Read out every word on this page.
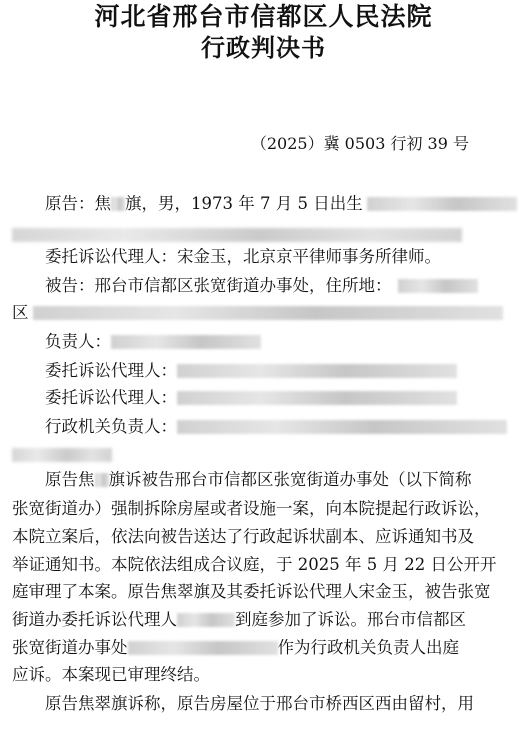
河北省邢台市信都区人民法院
行政判决书
（2025）冀 0503 行初 39 号
原告：焦 旗，男，1973 年 7 月 5 日出生
委托诉讼代理人：宋金玉，北京京平律师事务所律师。
被告：邢台市信都区张宽街道办事处，住所地：
区
负责人：
委托诉讼代理人：
委托诉讼代理人：
行政机关负责人：
原告焦 旗诉被告邢台市信都区张宽街道办事处（以下简称
张宽街道办）强制拆除房屋或者设施一案，向本院提起行政诉讼，
本院立案后，依法向被告送达了行政起诉状副本、应诉通知书及
举证通知书。本院依法组成合议庭，于 2025 年 5 月 22 日公开开
庭审理了本案。原告焦翠旗及其委托诉讼代理人宋金玉，被告张宽
街道办委托诉讼代理人	到庭参加了诉讼。邢台市信都区
张宽街道办事处	作为行政机关负责人出庭
应诉。本案现已审理终结。
原告焦翠旗诉称，原告房屋位于邢台市桥西区西由留村，用
